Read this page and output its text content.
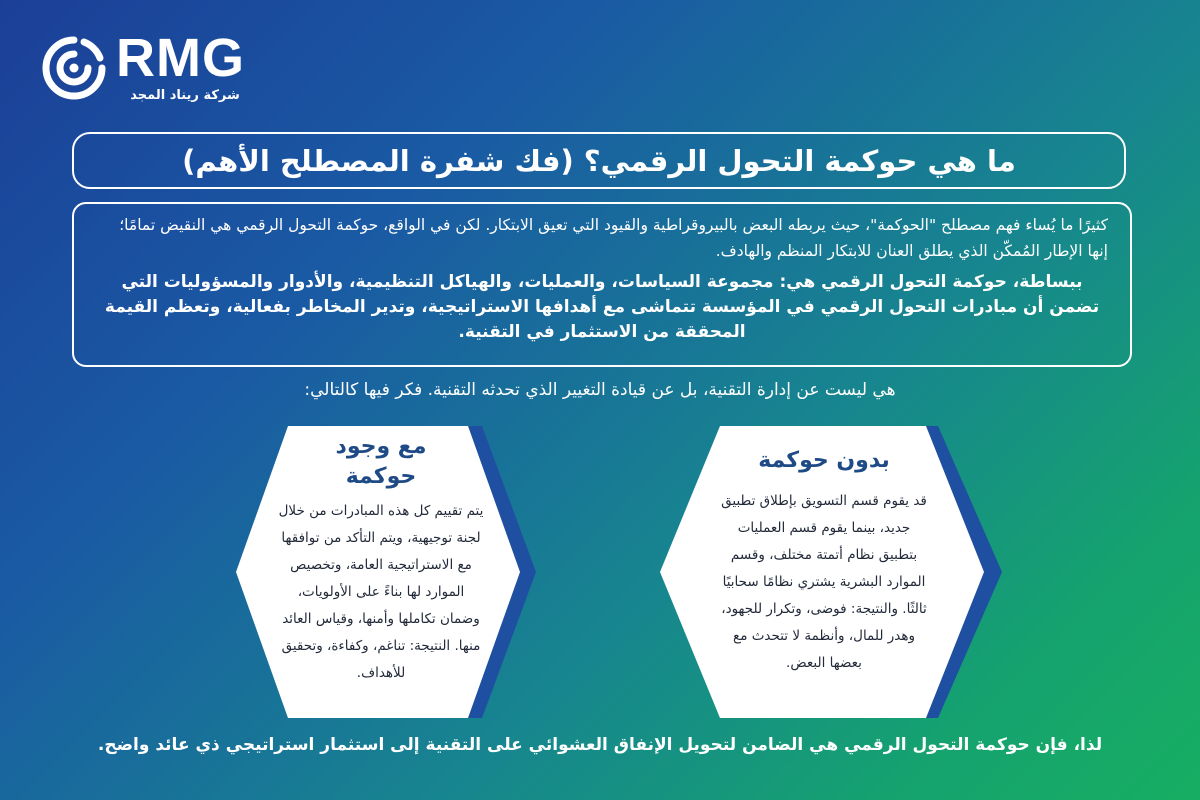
RMG
شركة ريناد المجد
ما هي حوكمة التحول الرقمي؟ (فك شفرة المصطلح الأهم)

كثيرًا ما يُساء فهم مصطلح "الحوكمة"، حيث يربطه البعض بالبيروقراطية والقيود التي تعيق الابتكار. لكن في الواقع، حوكمة التحول الرقمي هي النقيض تمامًا؛ إنها الإطار المُمكّن الذي يطلق العنان للابتكار المنظم والهادف.

ببساطة، حوكمة التحول الرقمي هي: مجموعة السياسات، والعمليات، والهياكل التنظيمية، والأدوار والمسؤوليات التي تضمن أن مبادرات التحول الرقمي في المؤسسة تتماشى مع أهدافها الاستراتيجية، وتدير المخاطر بفعالية، وتعظم القيمة المحققة من الاستثمار في التقنية.

هي ليست عن إدارة التقنية، بل عن قيادة التغيير الذي تحدثه التقنية. فكر فيها كالتالي:

مع وجود حوكمة

يتم تقييم كل هذه المبادرات من خلال لجنة توجيهية، ويتم التأكد من توافقها مع الاستراتيجية العامة، وتخصيص الموارد لها بناءً على الأولويات، وضمان تكاملها وأمنها، وقياس العائد منها. النتيجة: تناغم، وكفاءة، وتحقيق للأهداف.

بدون حوكمة

قد يقوم قسم التسويق بإطلاق تطبيق جديد، بينما يقوم قسم العمليات بتطبيق نظام أتمتة مختلف، وقسم الموارد البشرية يشتري نظامًا سحابيًا ثالثًا. والنتيجة: فوضى، وتكرار للجهود، وهدر للمال، وأنظمة لا تتحدث مع بعضها البعض.

لذا، فإن حوكمة التحول الرقمي هي الضامن لتحويل الإنفاق العشوائي على التقنية إلى استثمار استراتيجي ذي عائد واضح.
